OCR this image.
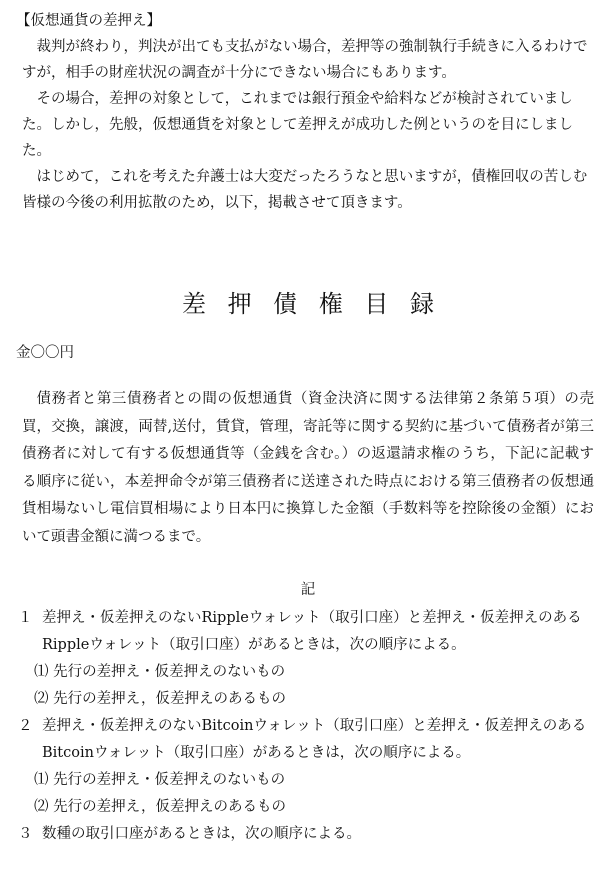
【仮想通貨の差押え】

裁判が終わり，判決が出ても支払がない場合，差押等の強制執行手続きに入るわけですが，相手の財産状況の調査が十分にできない場合にもあります。

その場合，差押の対象として，これまでは銀行預金や給料などが検討されていました。しかし，先般，仮想通貨を対象として差押えが成功した例というのを目にしました。

はじめて，これを考えた弁護士は大変だったろうなと思いますが，債権回収の苦しむ皆様の今後の利用拡散のため，以下，掲載させて頂きます。

差押債権目録

金〇〇円

債務者と第三債務者との間の仮想通貨（資金決済に関する法律第２条第５項）の売買，交換，譲渡，両替,送付，賃貸，管理，寄託等に関する契約に基づいて債務者が第三債務者に対して有する仮想通貨等（金銭を含む。）の返還請求権のうち，下記に記載する順序に従い，本差押命令が第三債務者に送達された時点における第三債務者の仮想通貨相場ないし電信買相場により日本円に換算した金額（手数料等を控除後の金額）において頭書金額に満つるまで。

記

１ 差押え・仮差押えのないRippleウォレット（取引口座）と差押え・仮差押えのあるRippleウォレット（取引口座）があるときは，次の順序による。

⑴ 先行の差押え・仮差押えのないもの

⑵ 先行の差押え，仮差押えのあるもの

２ 差押え・仮差押えのないBitcoinウォレット（取引口座）と差押え・仮差押えのあるBitcoinウォレット（取引口座）があるときは，次の順序による。

⑴ 先行の差押え・仮差押えのないもの

⑵ 先行の差押え，仮差押えのあるもの

３ 数種の取引口座があるときは，次の順序による。
